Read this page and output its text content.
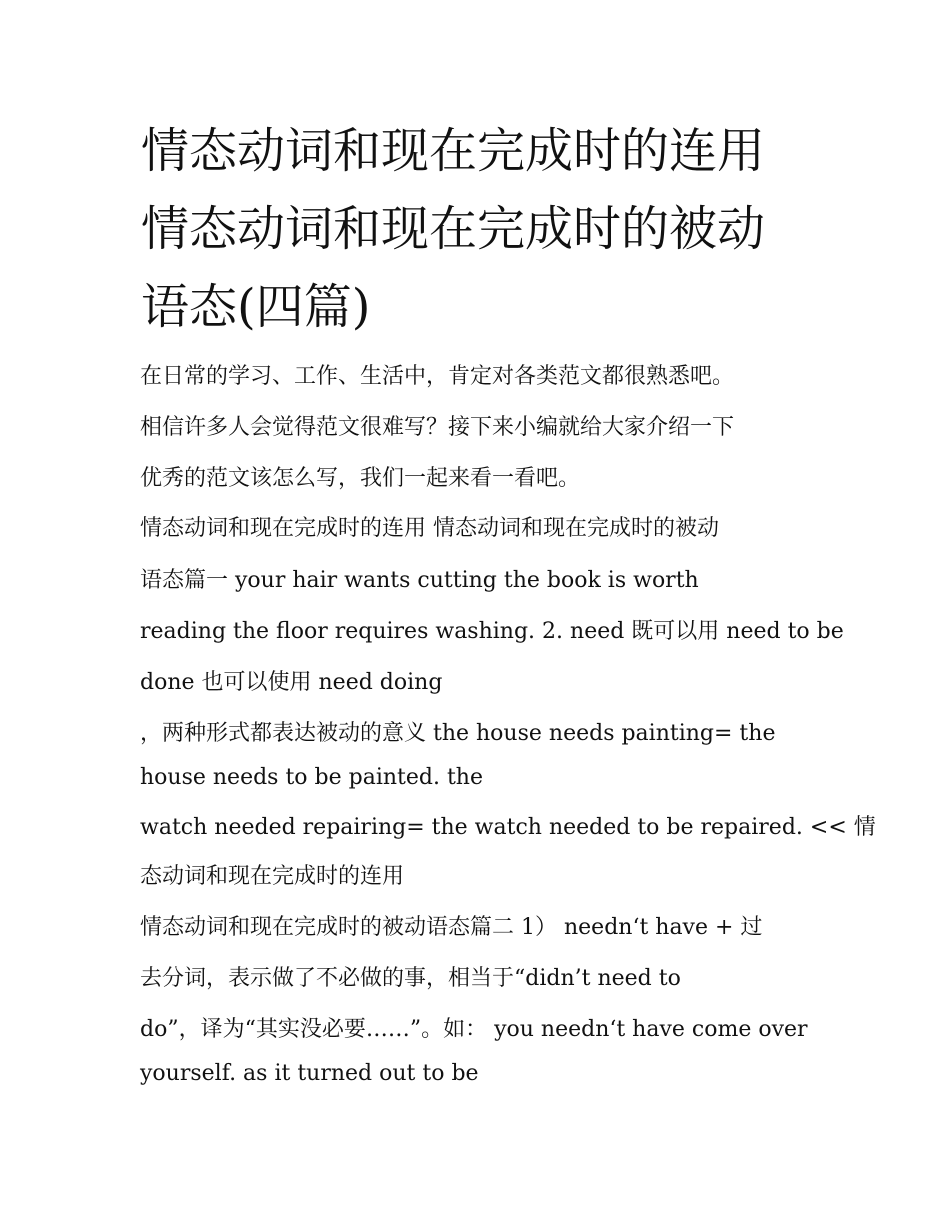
情态动词和现在完成时的连用
情态动词和现在完成时的被动
语态(四篇)
在日常的学习、工作、生活中，肯定对各类范文都很熟悉吧。
相信许多人会觉得范文很难写？接下来小编就给大家介绍一下
优秀的范文该怎么写，我们一起来看一看吧。
情态动词和现在完成时的连用 情态动词和现在完成时的被动
语态篇一 your hair wants cutting the book is worth
reading the floor requires washing. 2. need 既可以用 need to be
done 也可以使用 need doing
，两种形式都表达被动的意义 the house needs painting= the
house needs to be painted. the
watch needed repairing= the watch needed to be repaired. << 情
态动词和现在完成时的连用
情态动词和现在完成时的被动语态篇二 1） needn‘t have + 过
去分词，表示做了不必做的事，相当于“didn’t need to
do”，译为“其实没必要……”。如： you needn‘t have come over
yourself. as it turned out to be
